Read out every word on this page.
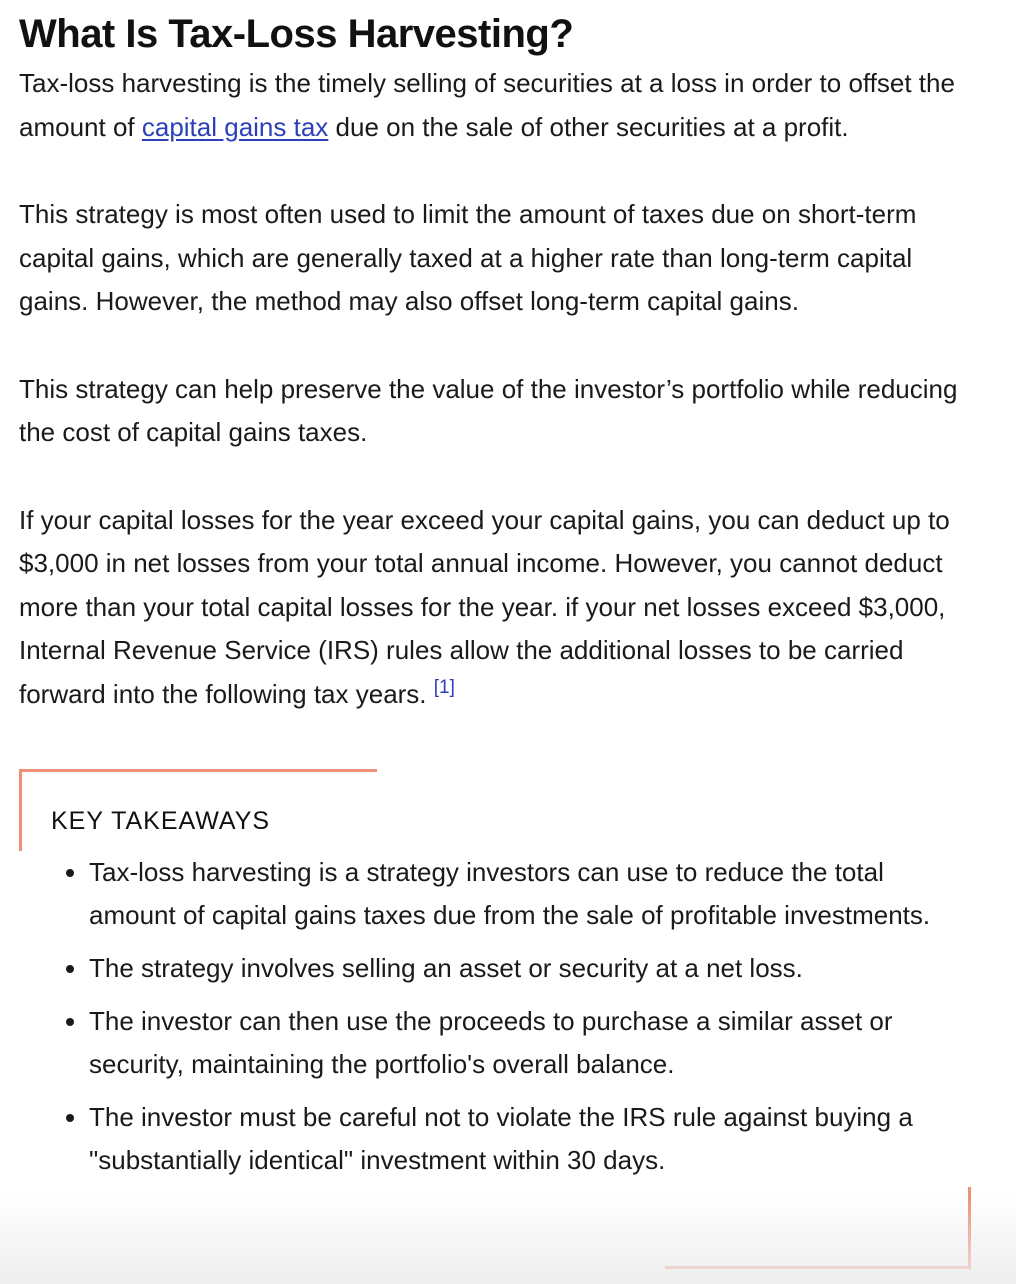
What Is Tax-Loss Harvesting?

Tax-loss harvesting is the timely selling of securities at a loss in order to offset the amount of capital gains tax due on the sale of other securities at a profit.

This strategy is most often used to limit the amount of taxes due on short-term capital gains, which are generally taxed at a higher rate than long-term capital gains. However, the method may also offset long-term capital gains.

This strategy can help preserve the value of the investor’s portfolio while reducing the cost of capital gains taxes.

If your capital losses for the year exceed your capital gains, you can deduct up to $3,000 in net losses from your total annual income. However, you cannot deduct more than your total capital losses for the year. if your net losses exceed $3,000, Internal Revenue Service (IRS) rules allow the additional losses to be carried forward into the following tax years. [1]

KEY TAKEAWAYS
• Tax-loss harvesting is a strategy investors can use to reduce the total amount of capital gains taxes due from the sale of profitable investments.
• The strategy involves selling an asset or security at a net loss.
• The investor can then use the proceeds to purchase a similar asset or security, maintaining the portfolio's overall balance.
• The investor must be careful not to violate the IRS rule against buying a "substantially identical" investment within 30 days.
